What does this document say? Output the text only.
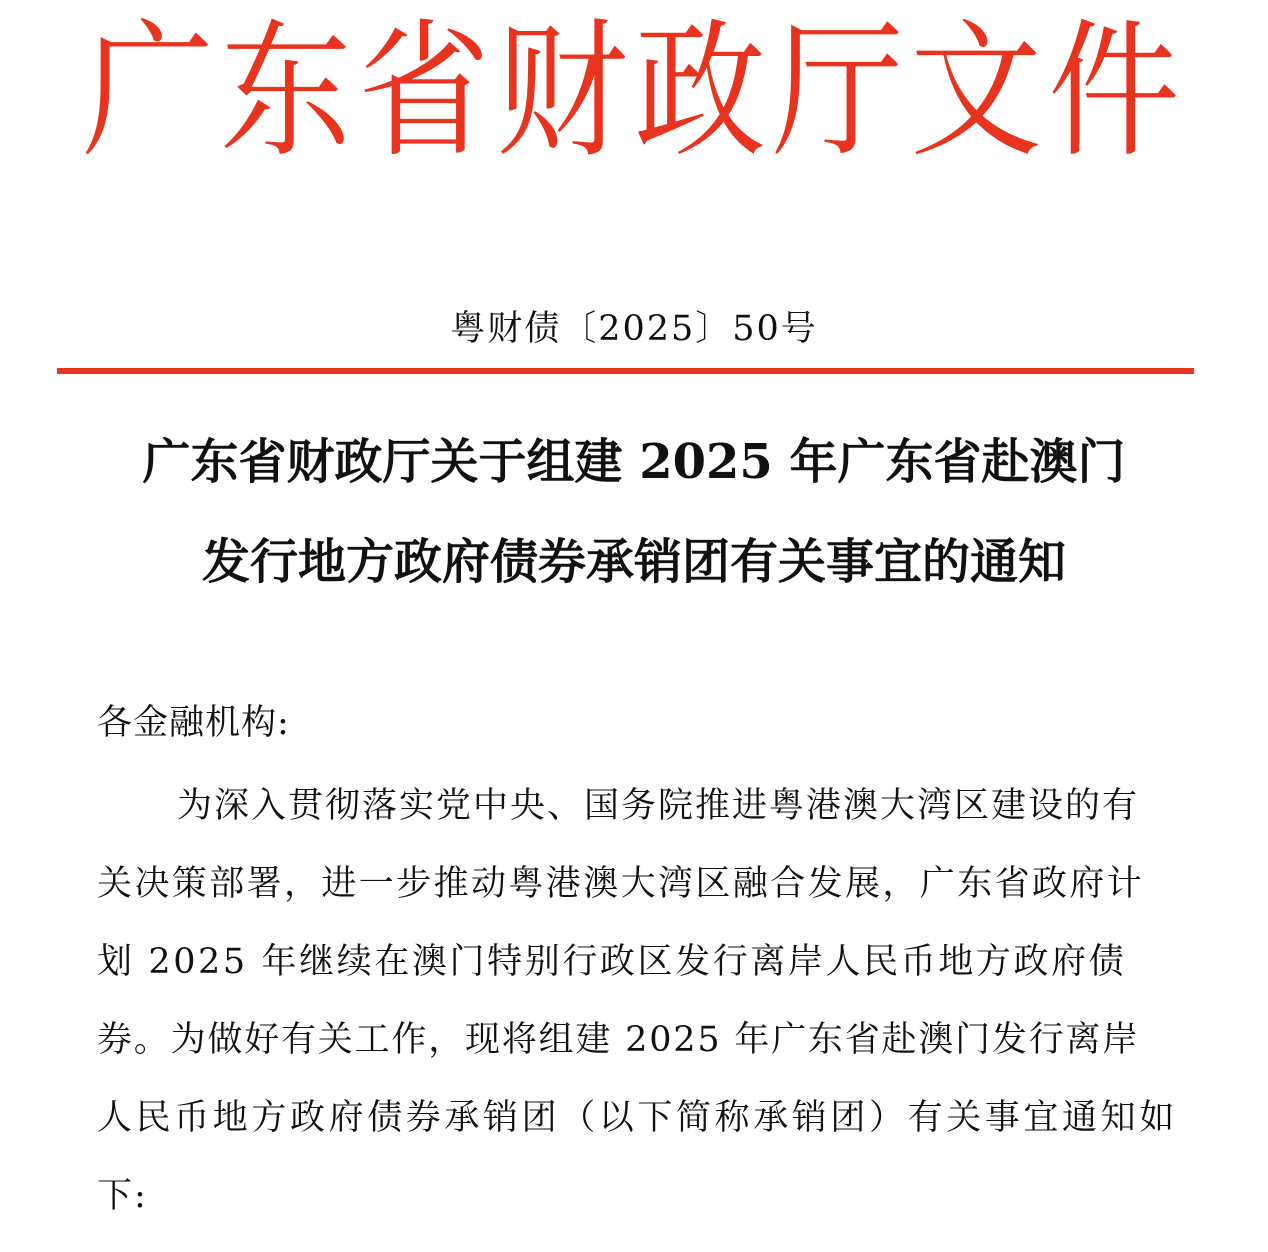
广东省财政厅文件
粤财债〔2025〕50号
广东省财政厅关于组建 2025 年广东省赴澳门
发行地方政府债券承销团有关事宜的通知
各金融机构:
为深入贯彻落实党中央、国务院推进粤港澳大湾区建设的有
关决策部署，进一步推动粤港澳大湾区融合发展，广东省政府计
划 2025 年继续在澳门特别行政区发行离岸人民币地方政府债
券。为做好有关工作，现将组建 2025 年广东省赴澳门发行离岸
人民币地方政府债券承销团（以下简称承销团）有关事宜通知如
下:
